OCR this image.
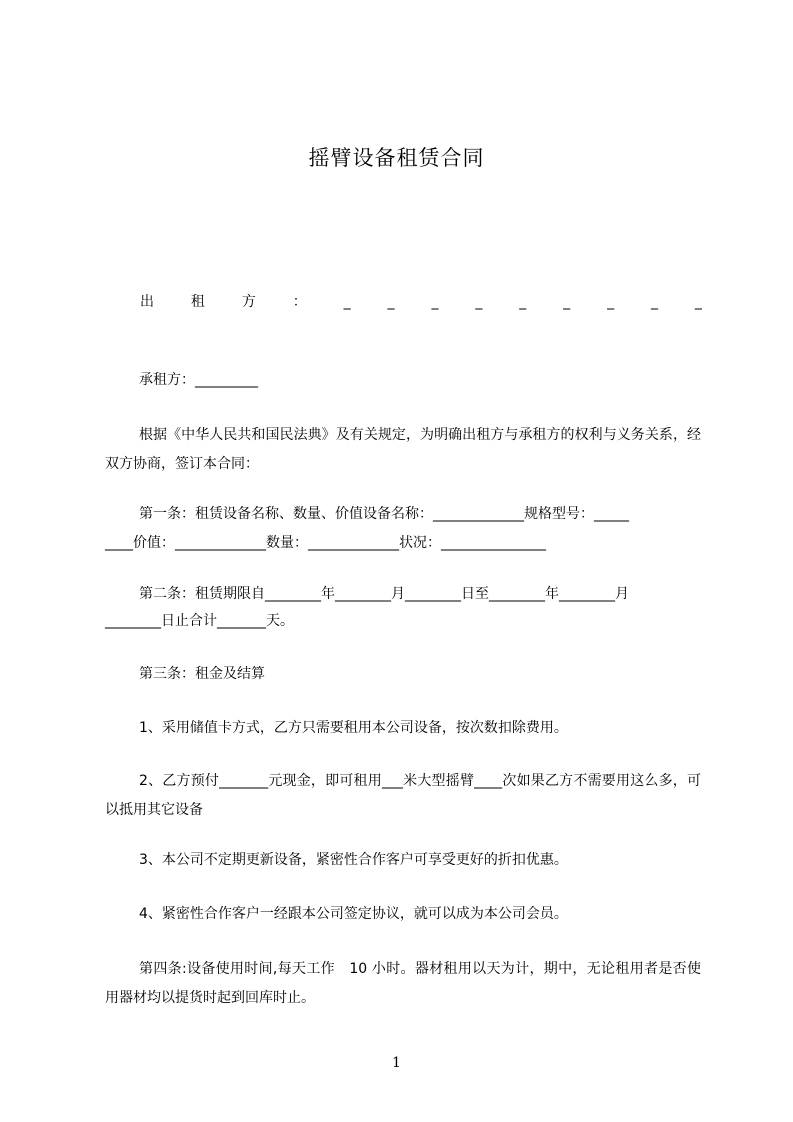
摇臂设备租赁合同
出	租	方	：	_	_	_	_	_	_	_	_	_
承租方：_________
根据《中华人民共和国民法典》及有关规定，为明确出租方与承租方的权利与义务关系，经双方协商，签订本合同：
第一条：租赁设备名称、数量、价值设备名称：_____________规格型号：_____
____价值：_____________数量：_____________状况：_______________
第二条：租赁期限自________年________月________日至________年________月
________日止合计_______天。
第三条：租金及结算
1、采用储值卡方式，乙方只需要租用本公司设备，按次数扣除费用。
2、乙方预付_______元现金，即可租用___米大型摇臂____次如果乙方不需要用这么多，可以抵用其它设备
3、本公司不定期更新设备，紧密性合作客户可享受更好的折扣优惠。
4、紧密性合作客户一经跟本公司签定协议，就可以成为本公司会员。
第四条:设备使用时间,每天工作　10 小时。器材租用以天为计，期中，无论租用者是否使用器材均以提货时起到回库时止。
1
